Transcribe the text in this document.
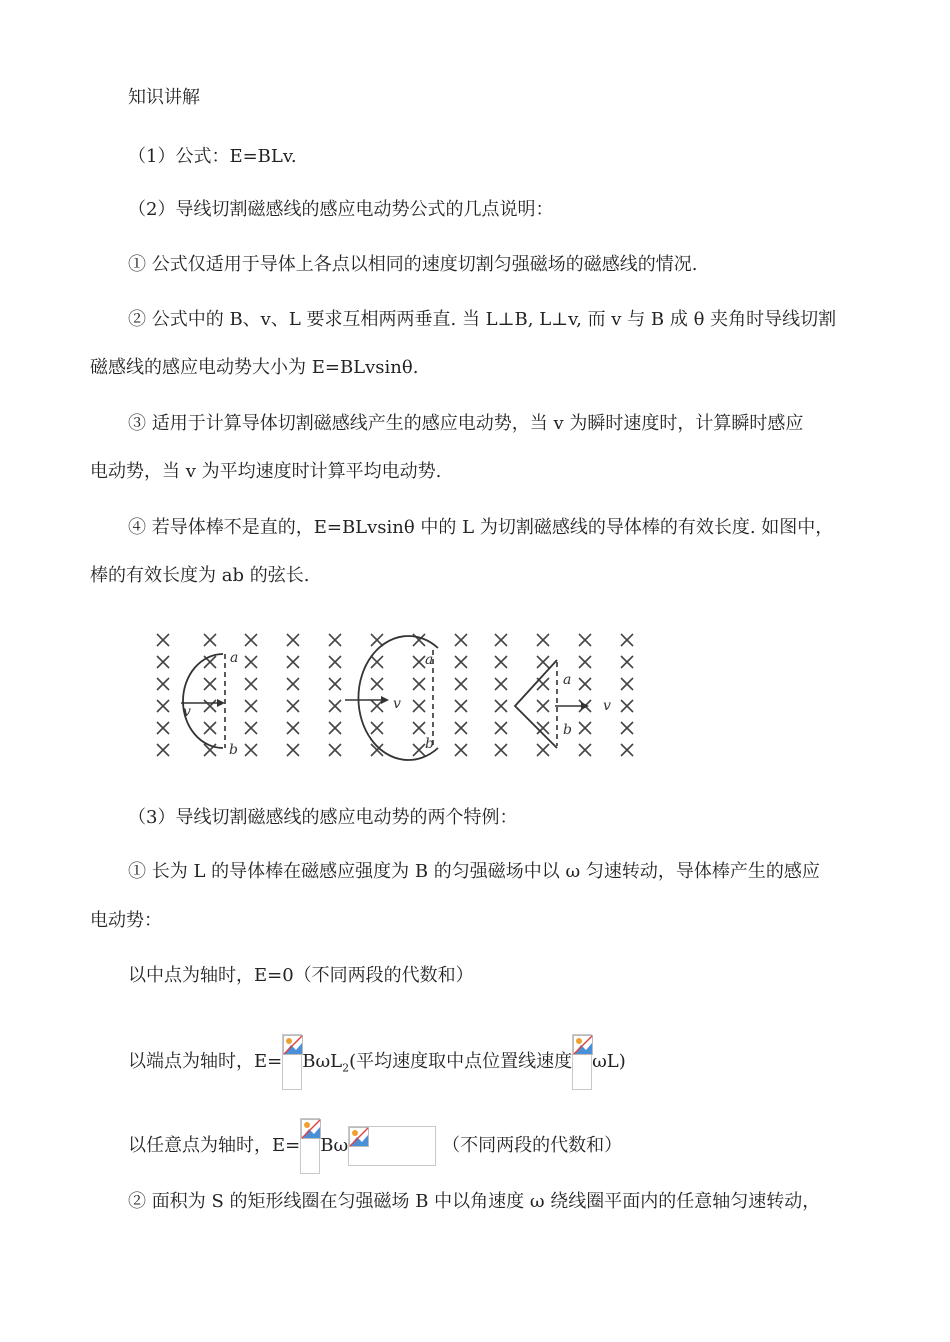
知识讲解
（1）公式：E=BLv.
（2）导线切割磁感线的感应电动势公式的几点说明：
① 公式仅适用于导体上各点以相同的速度切割匀强磁场的磁感线的情况.
② 公式中的 B、v、L 要求互相两两垂直. 当 L⊥B, L⊥v, 而 v 与 B 成 θ 夹角时导线切割
磁感线的感应电动势大小为 E=BLvsinθ.
③ 适用于计算导体切割磁感线产生的感应电动势，当 v 为瞬时速度时，计算瞬时感应
电动势，当 v 为平均速度时计算平均电动势.
④ 若导体棒不是直的，E=BLvsinθ 中的 L 为切割磁感线的导体棒的有效长度. 如图中，
棒的有效长度为 ab 的弦长.
a
b
v
a
b
v
a
b
v
（3）导线切割磁感线的感应电动势的两个特例：
① 长为 L 的导体棒在磁感应强度为 B 的匀强磁场中以 ω 匀速转动，导体棒产生的感应
电动势：
以中点为轴时，E=0（不同两段的代数和）
以端点为轴时，E= BωL$_2$(平均速度取中点位置线速度 ωL)
以任意点为轴时，E= Bω	（不同两段的代数和）
② 面积为 S 的矩形线圈在匀强磁场 B 中以角速度 ω 绕线圈平面内的任意轴匀速转动，
